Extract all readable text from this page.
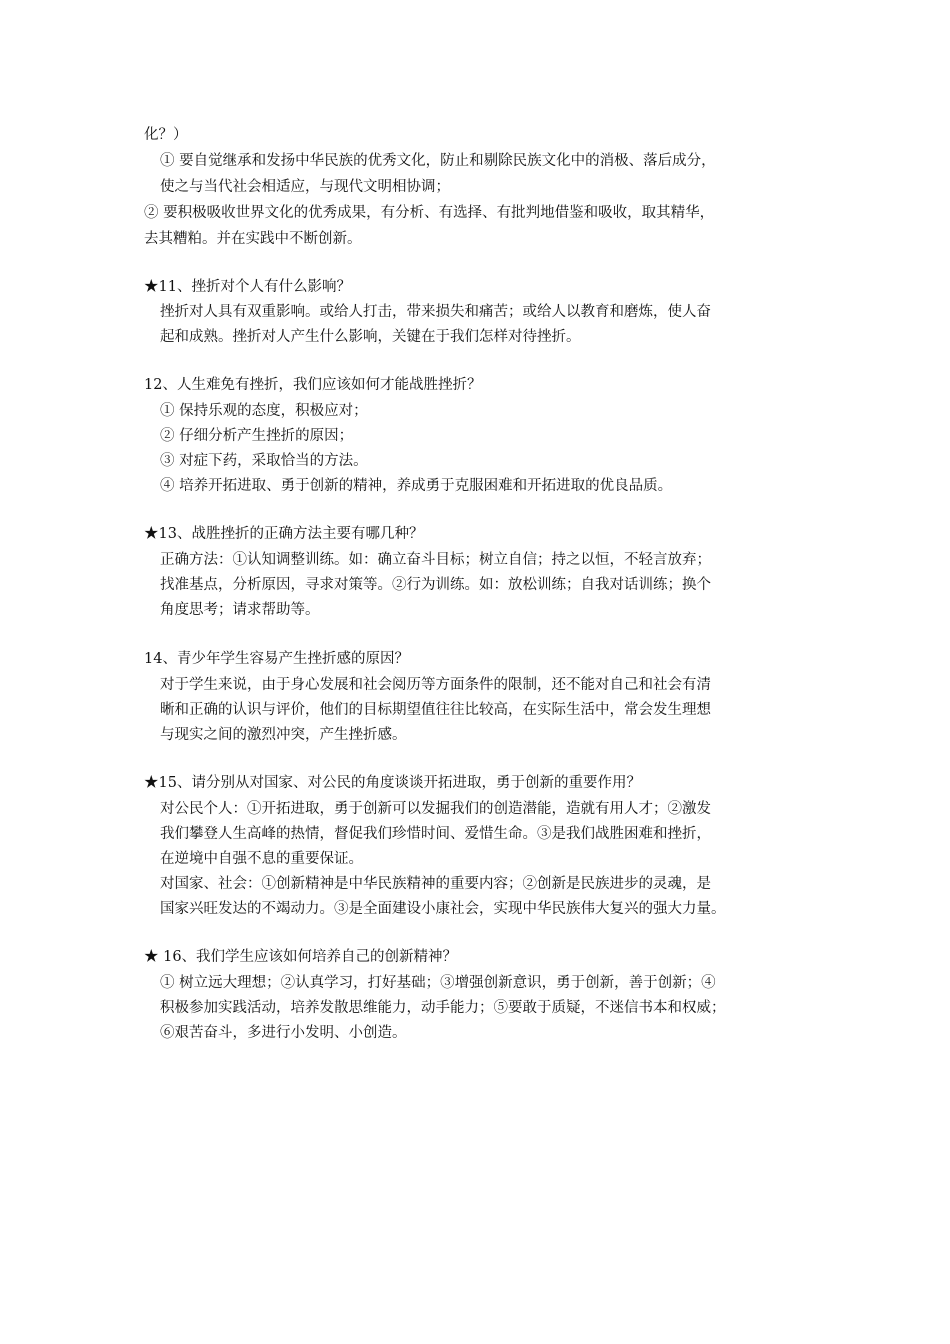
化？）
① 要自觉继承和发扬中华民族的优秀文化，防止和剔除民族文化中的消极、落后成分，
使之与当代社会相适应，与现代文明相协调；
② 要积极吸收世界文化的优秀成果，有分析、有选择、有批判地借鉴和吸收，取其精华，
去其糟粕。并在实践中不断创新。
★11、挫折对个人有什么影响？
挫折对人具有双重影响。或给人打击，带来损失和痛苦；或给人以教育和磨炼，使人奋
起和成熟。挫折对人产生什么影响，关键在于我们怎样对待挫折。
12、人生难免有挫折，我们应该如何才能战胜挫折？
① 保持乐观的态度，积极应对；
② 仔细分析产生挫折的原因；
③ 对症下药，采取恰当的方法。
④ 培养开拓进取、勇于创新的精神，养成勇于克服困难和开拓进取的优良品质。
★13、战胜挫折的正确方法主要有哪几种？
正确方法：①认知调整训练。如：确立奋斗目标；树立自信；持之以恒，不轻言放弃；
找准基点，分析原因，寻求对策等。②行为训练。如：放松训练；自我对话训练；换个
角度思考；请求帮助等。
14、青少年学生容易产生挫折感的原因？
对于学生来说，由于身心发展和社会阅历等方面条件的限制，还不能对自己和社会有清
晰和正确的认识与评价，他们的目标期望值往往比较高，在实际生活中，常会发生理想
与现实之间的激烈冲突，产生挫折感。
★15、请分别从对国家、对公民的角度谈谈开拓进取，勇于创新的重要作用？
对公民个人：①开拓进取，勇于创新可以发掘我们的创造潜能，造就有用人才；②激发
我们攀登人生高峰的热情，督促我们珍惜时间、爱惜生命。③是我们战胜困难和挫折，
在逆境中自强不息的重要保证。
对国家、社会：①创新精神是中华民族精神的重要内容；②创新是民族进步的灵魂，是
国家兴旺发达的不竭动力。③是全面建设小康社会，实现中华民族伟大复兴的强大力量。
★ 16、我们学生应该如何培养自己的创新精神？
① 树立远大理想；②认真学习，打好基础；③增强创新意识，勇于创新，善于创新；④
积极参加实践活动，培养发散思维能力，动手能力；⑤要敢于质疑，不迷信书本和权威；
⑥艰苦奋斗，多进行小发明、小创造。
